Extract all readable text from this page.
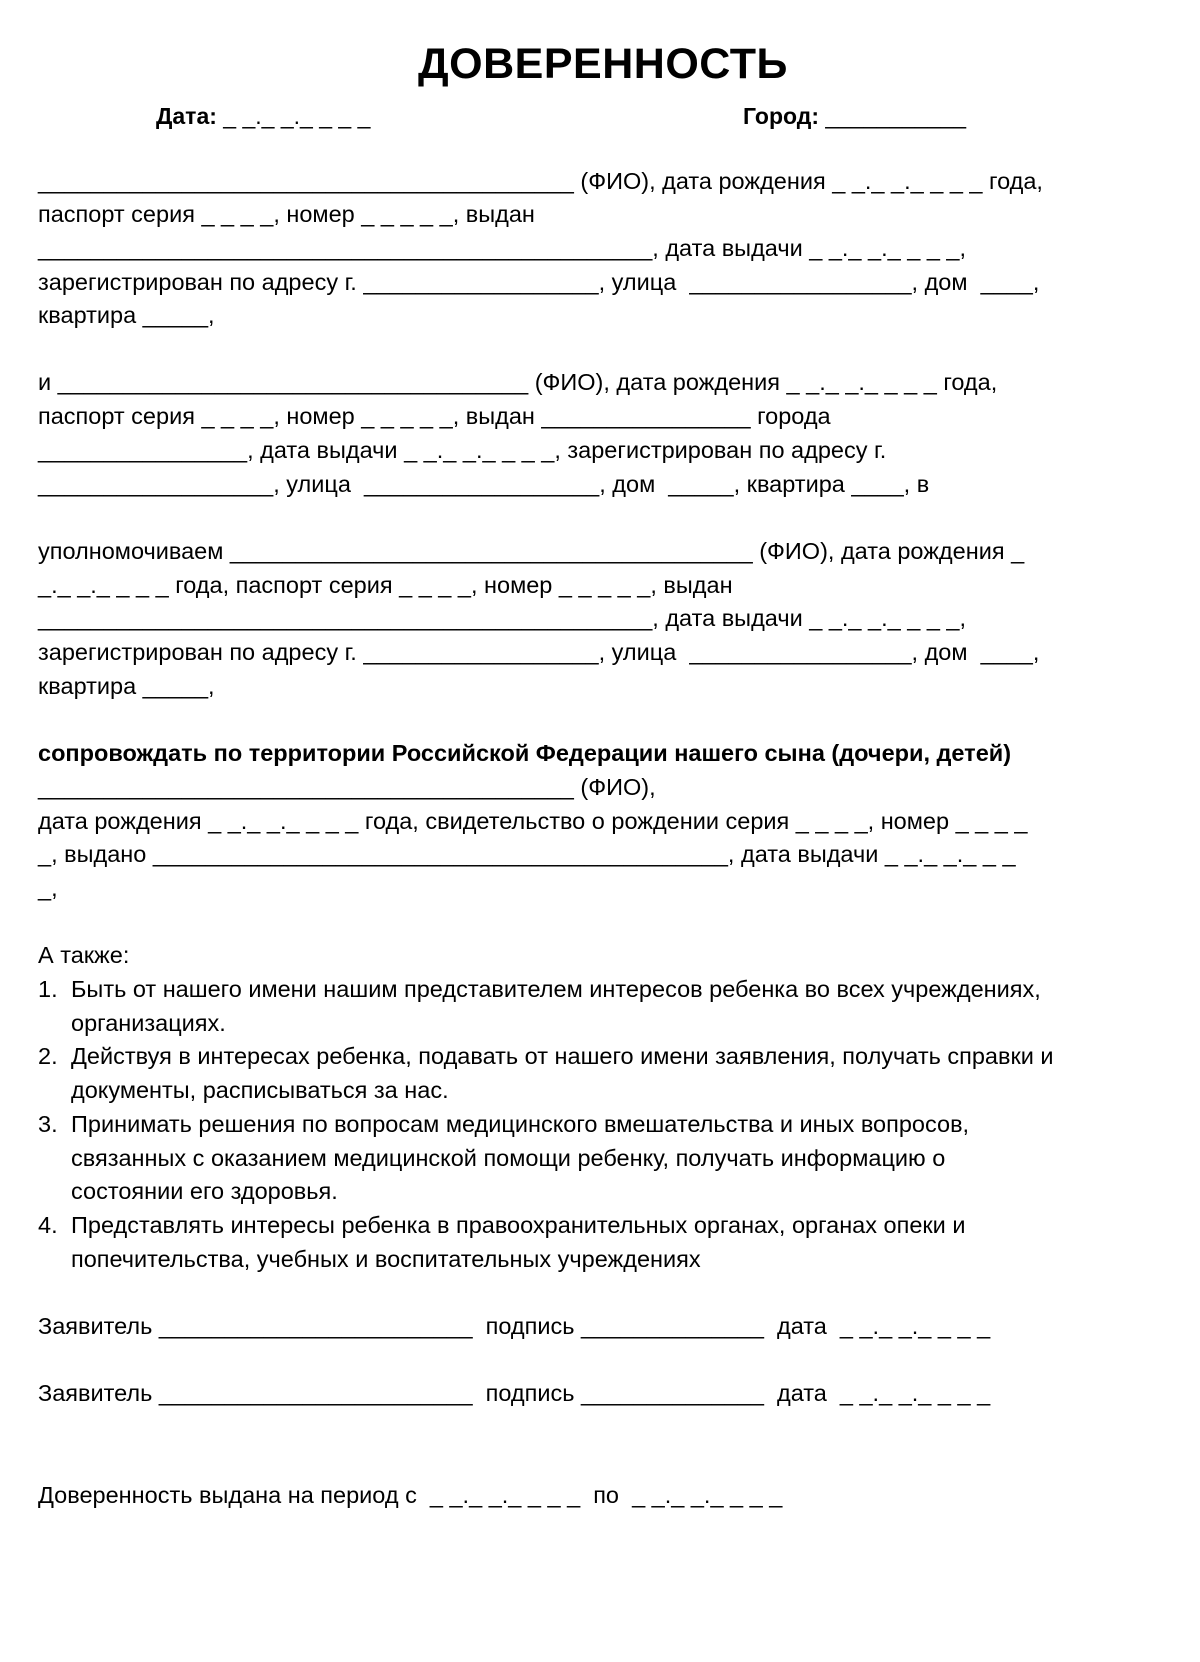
ДОВЕРЕННОСТЬ
Дата: _ _._ _._ _ _ _	Город: ___________
_________________________________________ (ФИО), дата рождения _ _._ _._ _ _ _ года,
паспорт серия _ _ _ _, номер _ _ _ _ _, выдан
_______________________________________________, дата выдачи _ _._ _._ _ _ _,
зарегистрирован по адресу г. __________________, улица  _________________, дом  ____,
квартира _____,
и ____________________________________ (ФИО), дата рождения _ _._ _._ _ _ _ года,
паспорт серия _ _ _ _, номер _ _ _ _ _, выдан ________________ города
________________, дата выдачи _ _._ _._ _ _ _, зарегистрирован по адресу г.
__________________, улица  __________________, дом  _____, квартира ____, в
уполномочиваем ________________________________________ (ФИО), дата рождения _
_._ _._ _ _ _ года, паспорт серия _ _ _ _, номер _ _ _ _ _, выдан
_______________________________________________, дата выдачи _ _._ _._ _ _ _,
зарегистрирован по адресу г. __________________, улица  _________________, дом  ____,
квартира _____,
сопровождать по территории Российской Федерации нашего сына (дочери, детей)
_________________________________________ (ФИО),
дата рождения _ _._ _._ _ _ _ года, свидетельство о рождении серия _ _ _ _, номер _ _ _ _
_, выдано ____________________________________________, дата выдачи _ _._ _._ _ _
_,
А также:
1. Быть от нашего имени нашим представителем интересов ребенка во всех учреждениях,
организациях.
2. Действуя в интересах ребенка, подавать от нашего имени заявления, получать справки и
документы, расписываться за нас.
3. Принимать решения по вопросам медицинского вмешательства и иных вопросов,
связанных с оказанием медицинской помощи ребенку, получать информацию о
состоянии его здоровья.
4. Представлять интересы ребенка в правоохранительных органах, органах опеки и
попечительства, учебных и воспитательных учреждениях
Заявитель ________________________  подпись ______________  дата  _ _._ _._ _ _ _
Заявитель ________________________  подпись ______________  дата  _ _._ _._ _ _ _
Доверенность выдана на период с  _ _._ _._ _ _ _  по  _ _._ _._ _ _ _
